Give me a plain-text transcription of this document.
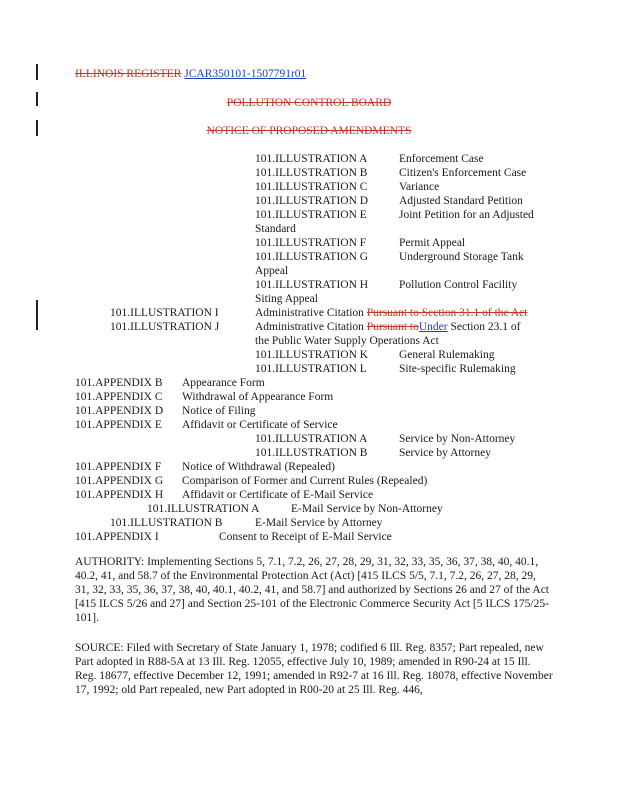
ILLINOIS REGISTER JCAR350101-1507791r01
POLLUTION CONTROL BOARD
NOTICE OF PROPOSED AMENDMENTS
101.ILLUSTRATION A	Enforcement Case
101.ILLUSTRATION B	Citizen's Enforcement Case
101.ILLUSTRATION C	Variance
101.ILLUSTRATION D	Adjusted Standard Petition
101.ILLUSTRATION E	Joint Petition for an Adjusted
Standard
101.ILLUSTRATION F	Permit Appeal
101.ILLUSTRATION G	Underground Storage Tank
Appeal
101.ILLUSTRATION H	Pollution Control Facility
Siting Appeal
101.ILLUSTRATION I	Administrative Citation Pursuant to Section 31.1 of the Act
101.ILLUSTRATION J	Administrative Citation Pursuant toUnder Section 23.1 of
the Public Water Supply Operations Act
101.ILLUSTRATION K	General Rulemaking
101.ILLUSTRATION L	Site-specific Rulemaking
101.APPENDIX B Appearance Form
101.APPENDIX C Withdrawal of Appearance Form
101.APPENDIX D Notice of Filing
101.APPENDIX E Affidavit or Certificate of Service
101.ILLUSTRATION A	Service by Non-Attorney
101.ILLUSTRATION B	Service by Attorney
101.APPENDIX F Notice of Withdrawal (Repealed)
101.APPENDIX G Comparison of Former and Current Rules (Repealed)
101.APPENDIX H Affidavit or Certificate of E-Mail Service
101.ILLUSTRATION A	E-Mail Service by Non-Attorney
101.ILLUSTRATION B	E-Mail Service by Attorney
101.APPENDIX I	Consent to Receipt of E-Mail Service
AUTHORITY: Implementing Sections 5, 7.1, 7.2, 26, 27, 28, 29, 31, 32, 33, 35, 36, 37, 38, 40, 40.1, 40.2, 41, and 58.7 of the Environmental Protection Act (Act) [415 ILCS 5/5, 7.1, 7.2, 26, 27, 28, 29, 31, 32, 33, 35, 36, 37, 38, 40, 40.1, 40.2, 41, and 58.7] and authorized by Sections 26 and 27 of the Act [415 ILCS 5/26 and 27] and Section 25-101 of the Electronic Commerce Security Act [5 ILCS 175/25-101].
SOURCE: Filed with Secretary of State January 1, 1978; codified 6 Ill. Reg. 8357; Part repealed, new Part adopted in R88-5A at 13 Ill. Reg. 12055, effective July 10, 1989; amended in R90-24 at 15 Ill. Reg. 18677, effective December 12, 1991; amended in R92-7 at 16 Ill. Reg. 18078, effective November 17, 1992; old Part repealed, new Part adopted in R00-20 at 25 Ill. Reg. 446,
